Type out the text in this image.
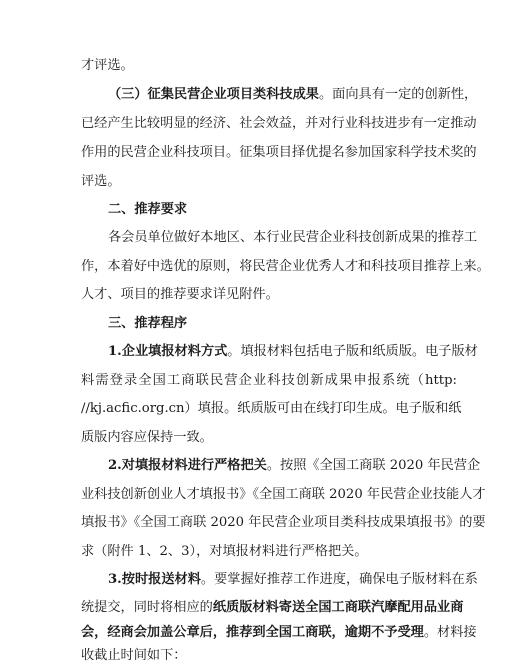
才评选。
（三）征集民营企业项目类科技成果。面向具有一定的创新性，
已经产生比较明显的经济、社会效益，并对行业科技进步有一定推动
作用的民营企业科技项目。征集项目择优提名参加国家科学技术奖的
评选。
二、推荐要求
各会员单位做好本地区、本行业民营企业科技创新成果的推荐工
作，本着好中选优的原则，将民营企业优秀人才和科技项目推荐上来。
人才、项目的推荐要求详见附件。
三、推荐程序
1.企业填报材料方式。填报材料包括电子版和纸质版。电子版材
料需登录全国工商联民营企业科技创新成果申报系统（http:
//kj.acfic.org.cn）填报。纸质版可由在线打印生成。电子版和纸
质版内容应保持一致。
2.对填报材料进行严格把关。按照《全国工商联 2020 年民营企
业科技创新创业人才填报书》《全国工商联 2020 年民营企业技能人才
填报书》《全国工商联 2020 年民营企业项目类科技成果填报书》的要
求（附件 1、2、3），对填报材料进行严格把关。
3.按时报送材料。要掌握好推荐工作进度，确保电子版材料在系
统提交，同时将相应的纸质版材料寄送全国工商联汽摩配用品业商
会，经商会加盖公章后，推荐到全国工商联，逾期不予受理。材料接
收截止时间如下：
